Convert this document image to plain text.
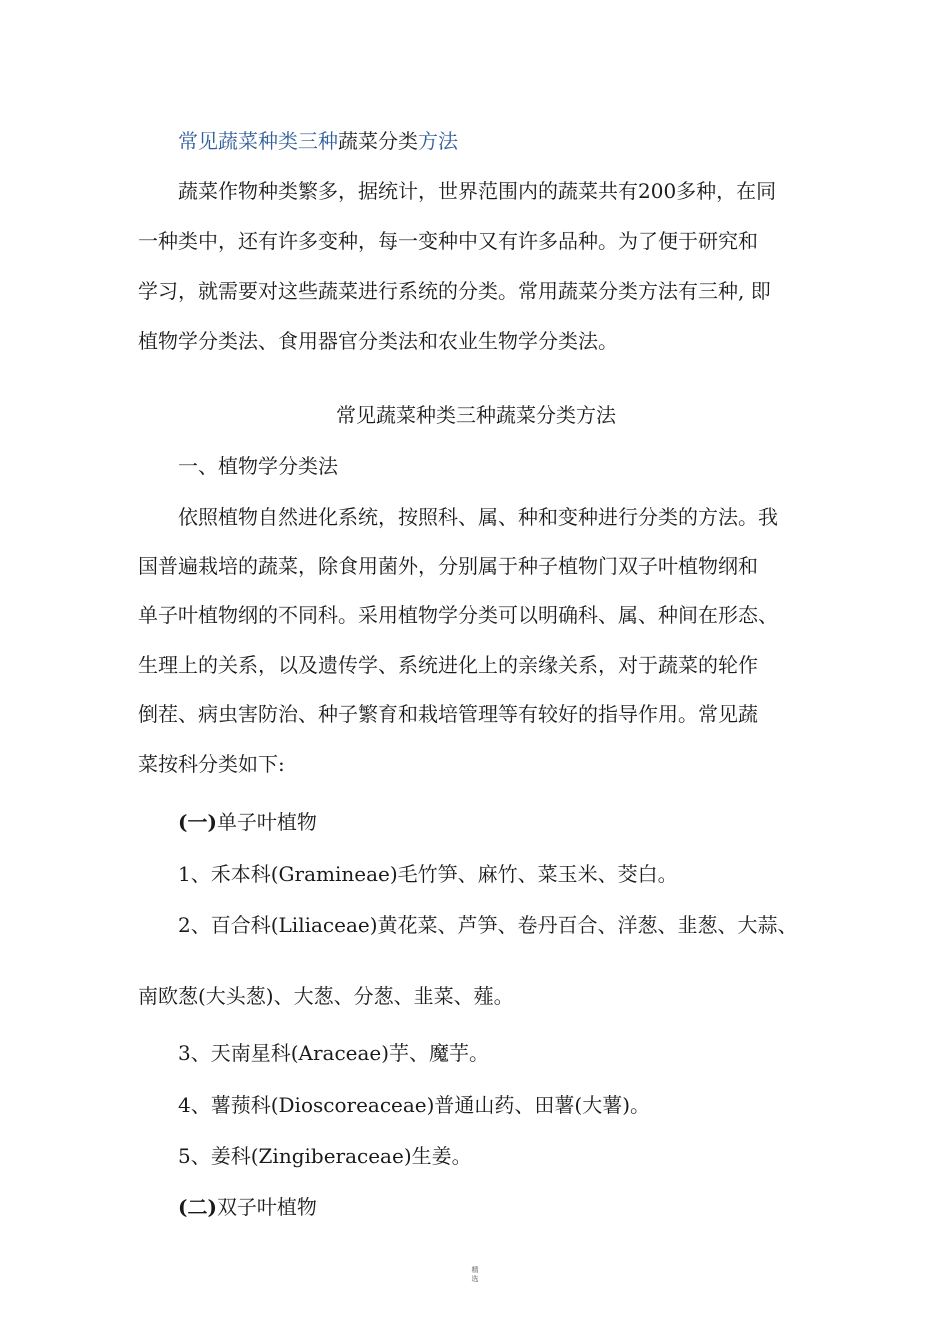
常见蔬菜种类三种蔬菜分类方法

蔬菜作物种类繁多，据统计，世界范围内的蔬菜共有200多种，在同

一种类中，还有许多变种，每一变种中又有许多品种。为了便于研究和

学习，就需要对这些蔬菜进行系统的分类。常用蔬菜分类方法有三种, 即

植物学分类法、食用器官分类法和农业生物学分类法。

常见蔬菜种类三种蔬菜分类方法

一、植物学分类法

依照植物自然进化系统，按照科、属、种和变种进行分类的方法。我

国普遍栽培的蔬菜，除食用菌外，分别属于种子植物门双子叶植物纲和

单子叶植物纲的不同科。采用植物学分类可以明确科、属、种间在形态、

生理上的关系，以及遗传学、系统进化上的亲缘关系，对于蔬菜的轮作

倒茬、病虫害防治、种子繁育和栽培管理等有较好的指导作用。常见蔬

菜按科分类如下:

(一)单子叶植物

1、禾本科(Gramineae)毛竹笋、麻竹、菜玉米、茭白。

2、百合科(Liliaceae)黄花菜、芦笋、卷丹百合、洋葱、韭葱、大蒜、

南欧葱(大头葱)、大葱、分葱、韭菜、薤。

3、天南星科(Araceae)芋、魔芋。

4、薯蓣科(Dioscoreaceae)普通山药、田薯(大薯)。

5、姜科(Zingiberaceae)生姜。

(二)双子叶植物

精
选
